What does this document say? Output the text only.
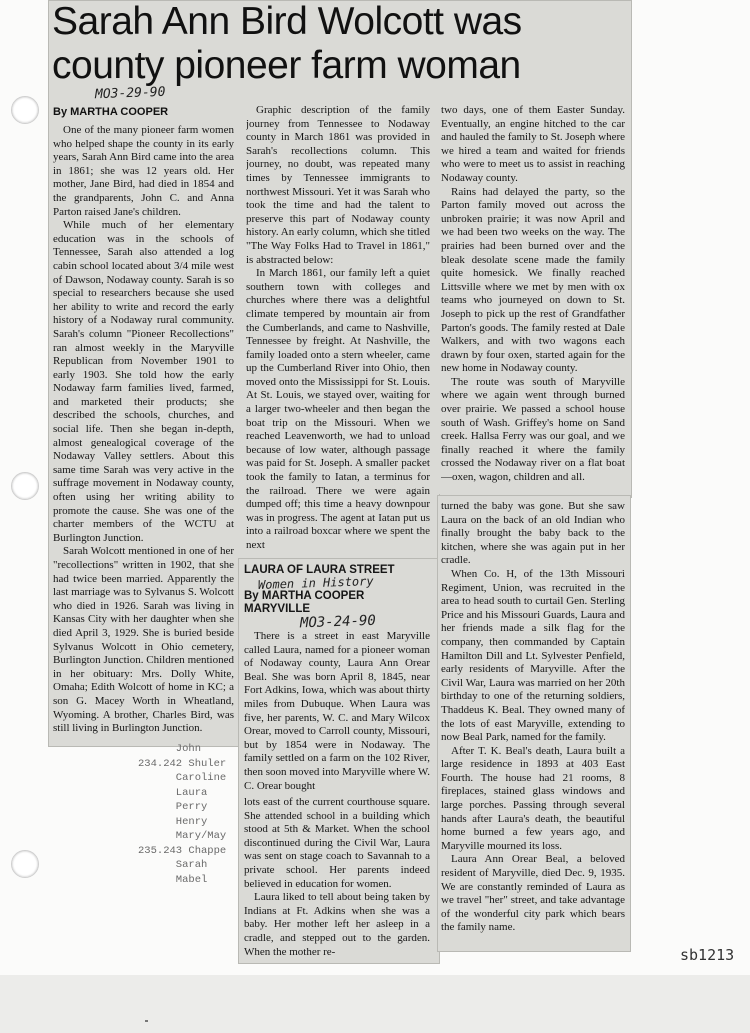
Sarah Ann Bird Wolcott was
county pioneer farm woman
MO3-29-90
By MARTHA COOPER

One of the many pioneer farm women who helped shape the county in its early years, Sarah Ann Bird came into the area in 1861; she was 12 years old. Her mother, Jane Bird, had died in 1854 and the grandparents, John C. and Anna Parton raised Jane's children.

While much of her elementary education was in the schools of Tennessee, Sarah also attended a log cabin school located about 3/4 mile west of Dawson, Nodaway county. Sarah is so special to researchers because she used her ability to write and record the early history of a Nodaway rural community. Sarah's column "Pioneer Recollections" ran almost weekly in the Maryville Republican from November 1901 to early 1903. She told how the early Nodaway farm families lived, farmed, and marketed their products; she described the schools, churches, and social life. Then she began in-depth, almost genealogical coverage of the Nodaway Valley settlers. About this same time Sarah was very active in the suffrage movement in Nodaway county, often using her writing ability to promote the cause. She was one of the charter members of the WCTU at Burlington Junction.

Sarah Wolcott mentioned in one of her "recollections" written in 1902, that she had twice been married. Apparently the last marriage was to Sylvanus S. Wolcott who died in 1926. Sarah was living in Kansas City with her daughter when she died April 3, 1929. She is buried beside Sylvanus Wolcott in Ohio cemetery, Burlington Junction. Children mentioned in her obituary: Mrs. Dolly White, Omaha; Edith Wolcott of home in KC; a son G. Macey Worth in Wheatland, Wyoming. A brother, Charles Bird, was still living in Burlington Junction.

Graphic description of the family journey from Tennessee to Nodaway county in March 1861 was provided in Sarah's recollections column. This journey, no doubt, was repeated many times by Tennessee immigrants to northwest Missouri. Yet it was Sarah who took the time and had the talent to preserve this part of Nodaway county history. An early column, which she titled "The Way Folks Had to Travel in 1861," is abstracted below:

In March 1861, our family left a quiet southern town with colleges and churches where there was a delightful climate tempered by mountain air from the Cumberlands, and came to Nashville, Tennessee by freight. At Nashville, the family loaded onto a stern wheeler, came up the Cumberland River into Ohio, then moved onto the Mississippi for St. Louis. At St. Louis, we stayed over, waiting for a larger two-wheeler and then began the boat trip on the Missouri. When we reached Leavenworth, we had to unload because of low water, although passage was paid for St. Joseph. A smaller packet took the family to Iatan, a terminus for the railroad. There we were again dumped off; this time a heavy downpour was in progress. The agent at Iatan put us into a railroad boxcar where we spent the next

two days, one of them Easter Sunday. Eventually, an engine hitched to the car and hauled the family to St. Joseph where we hired a team and waited for friends who were to meet us to assist in reaching Nodaway county.

Rains had delayed the party, so the Parton family moved out across the unbroken prairie; it was now April and we had been two weeks on the way. The prairies had been burned over and the bleak desolate scene made the family quite homesick. We finally reached Littsville where we met by men with ox teams who journeyed on down to St. Joseph to pick up the rest of Grandfather Parton's goods. The family rested at Dale Walkers, and with two wagons each drawn by four oxen, started again for the new home in Nodaway county.

The route was south of Maryville where we again went through burned over prairie. We passed a school house south of Wash. Griffey's home on Sand creek. Hallsa Ferry was our goal, and we finally reached it where the family crossed the Nodaway river on a flat boat —oxen, wagon, children and all.

LAURA OF LAURA STREET
Women in History
By MARTHA COOPER
MARYVILLE
MO3-24-90

There is a street in east Maryville called Laura, named for a pioneer woman of Nodaway county, Laura Ann Orear Beal. She was born April 8, 1845, near Fort Adkins, Iowa, which was about thirty miles from Dubuque. When Laura was five, her parents, W. C. and Mary Wilcox Orear, moved to Carroll county, Missouri, but by 1854 were in Nodaway. The family settled on a farm on the 102 River, then soon moved into Maryville where W. C. Orear bought

lots east of the current courthouse square. She attended school in a building which stood at 5th & Market. When the school discontinued during the Civil War, Laura was sent on stage coach to Savannah to a private school. Her parents indeed believed in education for women.

Laura liked to tell about being taken by Indians at Ft. Adkins when she was a baby. Her mother left her asleep in a cradle, and stepped out to the garden. When the mother re-

turned the baby was gone. But she saw Laura on the back of an old Indian who finally brought the baby back to the kitchen, where she was again put in her cradle.

When Co. H, of the 13th Missouri Regiment, Union, was recruited in the area to head south to curtail Gen. Sterling Price and his Missouri Guards, Laura and her friends made a silk flag for the company, then commanded by Captain Hamilton Dill and Lt. Sylvester Penfield, early residents of Maryville. After the Civil War, Laura was married on her 20th birthday to one of the returning soldiers, Thaddeus K. Beal. They owned many of the lots of east Maryville, extending to now Beal Park, named for the family.

After T. K. Beal's death, Laura built a large residence in 1893 at 403 East Fourth. The house had 21 rooms, 8 fireplaces, stained glass windows and large porches. Passing through several hands after Laura's death, the beautiful home burned a few years ago, and Maryville mourned its loss.

Laura Ann Orear Beal, a beloved resident of Maryville, died Dec. 9, 1935. We are constantly reminded of Laura as we travel "her" street, and take advantage of the wonderful city park which bears the family name.

John
234.242 Shuler
Caroline
Laura
Perry
Henry
Mary/May
235.243 Chappe
Sarah
Mabel
sb1213
